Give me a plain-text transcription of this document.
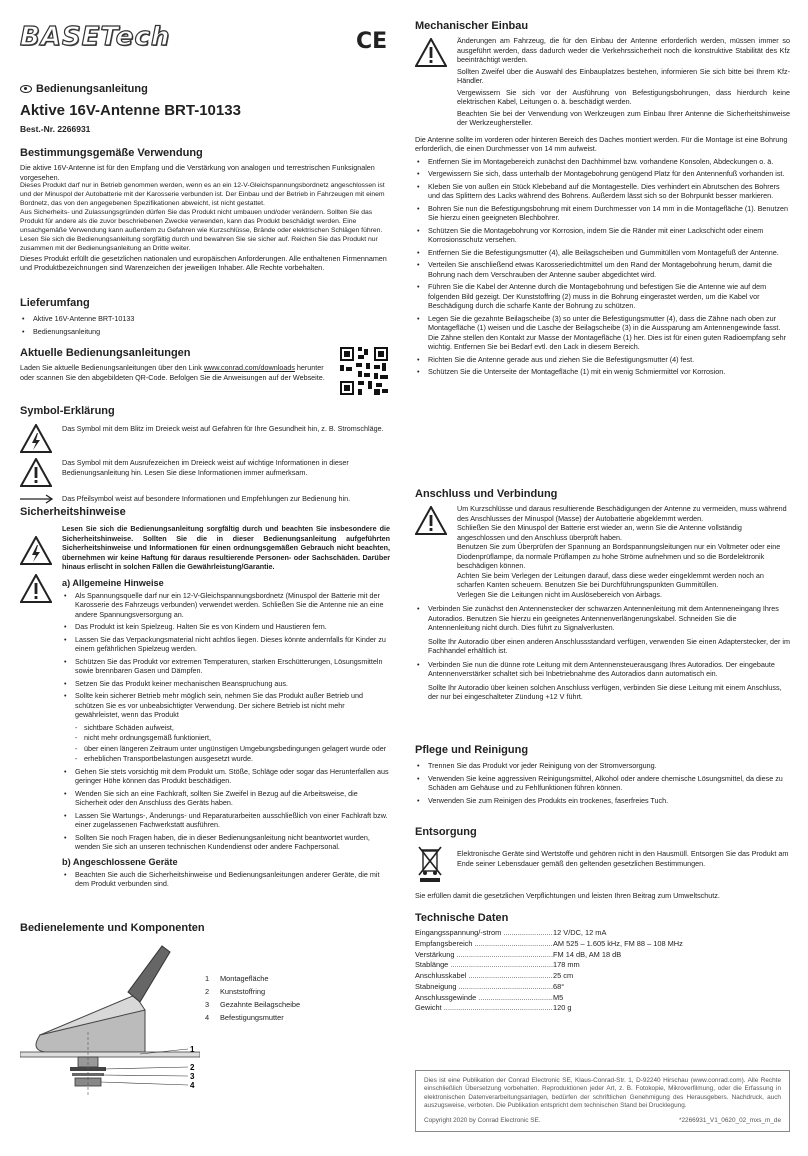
BASETech	CE
Bedienungsanleitung
Aktive 16V-Antenne BRT-10133
Best.-Nr. 2266931
Bestimmungsgemäße Verwendung

Die aktive 16V-Antenne ist für den Empfang und die Verstärkung von analogen und terrestrischen Funksignalen vorgesehen.

Dieses Produkt darf nur in Betrieb genommen werden, wenn es an ein 12-V-Gleichspannungsbordnetz angeschlossen ist und der Minuspol der Autobatterie mit der Karosserie verbunden ist. Der Einbau und der Betrieb in Fahrzeugen mit einem Bordnetz, das von den angegebenen Spezifikationen abweicht, ist nicht gestattet.

Aus Sicherheits- und Zulassungsgründen dürfen Sie das Produkt nicht umbauen und/oder verändern. Sollten Sie das Produkt für andere als die zuvor beschriebenen Zwecke verwenden, kann das Produkt beschädigt werden. Eine unsachgemäße Verwendung kann außerdem zu Gefahren wie Kurzschlüsse, Brände oder elektrischen Schlägen führen. Lesen Sie sich die Bedienungsanleitung sorgfältig durch und bewahren Sie sie sicher auf. Reichen Sie das Produkt nur zusammen mit der Bedienungsanleitung an Dritte weiter.

Dieses Produkt erfüllt die gesetzlichen nationalen und europäischen Anforderungen. Alle enthaltenen Firmennamen und Produktbezeichnungen sind Warenzeichen der jeweiligen Inhaber. Alle Rechte vorbehalten.

Lieferumfang
• Aktive 16V-Antenne BRT-10133
• Bedienungsanleitung
Aktuelle Bedienungsanleitungen
Laden Sie aktuelle Bedienungsanleitungen über den Link www.conrad.com/downloads herunter oder scannen Sie den abgebildeten QR-Code. Befolgen Sie die Anweisungen auf der Webseite.
Symbol-Erklärung

Das Symbol mit dem Blitz im Dreieck weist auf Gefahren für Ihre Gesundheit hin, z. B. Stromschläge.

Das Symbol mit dem Ausrufezeichen im Dreieck weist auf wichtige Informationen in dieser Bedienungsanleitung hin. Lesen Sie diese Informationen immer aufmerksam.

Das Pfeilsymbol weist auf besondere Informationen und Empfehlungen zur Bedienung hin.

Sicherheitshinweise

Lesen Sie sich die Bedienungsanleitung sorgfältig durch und beachten Sie insbesondere die Sicherheitshinweise. Sollten Sie die in dieser Bedienungsanleitung aufgeführten Sicherheitshinweise und Informationen für einen ordnungsgemäßen Gebrauch nicht beachten, übernehmen wir keine Haftung für daraus resultierende Personen- oder Sachschäden. Darüber hinaus erlischt in solchen Fällen die Gewährleistung/Garantie.

a) Allgemeine Hinweise
• Als Spannungsquelle darf nur ein 12-V-Gleichspannungsbordnetz (Minuspol der Batterie mit der Karosserie des Fahrzeugs verbunden) verwendet werden. Schließen Sie die Antenne nie an eine andere Spannungsversorgung an.
• Das Produkt ist kein Spielzeug. Halten Sie es von Kindern und Haustieren fern.
• Lassen Sie das Verpackungsmaterial nicht achtlos liegen. Dieses könnte andernfalls für Kinder zu einem gefährlichen Spielzeug werden.
• Schützen Sie das Produkt vor extremen Temperaturen, starken Erschütterungen, Lösungsmitteln sowie brennbaren Gasen und Dämpfen.
• Setzen Sie das Produkt keiner mechanischen Beanspruchung aus.
• Sollte kein sicherer Betrieb mehr möglich sein, nehmen Sie das Produkt außer Betrieb und schützen Sie es vor unbeabsichtigter Verwendung. Der sichere Betrieb ist nicht mehr gewährleistet, wenn das Produkt
- sichtbare Schäden aufweist,
- nicht mehr ordnungsgemäß funktioniert,
- über einen längeren Zeitraum unter ungünstigen Umgebungsbedingungen gelagert wurde oder
- erheblichen Transportbelastungen ausgesetzt wurde.
• Gehen Sie stets vorsichtig mit dem Produkt um. Stöße, Schläge oder sogar das Herunterfallen aus geringer Höhe können das Produkt beschädigen.
• Wenden Sie sich an eine Fachkraft, sollten Sie Zweifel in Bezug auf die Arbeitsweise, die Sicherheit oder den Anschluss des Geräts haben.
• Lassen Sie Wartungs-, Änderungs- und Reparaturarbeiten ausschließlich von einer Fachkraft bzw. einer zugelassenen Fachwerkstatt ausführen.
• Sollten Sie noch Fragen haben, die in dieser Bedienungsanleitung nicht beantwortet wurden, wenden Sie sich an unseren technischen Kundendienst oder andere Fachpersonal.
b) Angeschlossene Geräte
• Beachten Sie auch die Sicherheitshinweise und Bedienungsanleitungen anderer Geräte, die mit dem Produkt verbunden sind.
Bedienelemente und Komponenten
1
2
3
4
1	Montagefläche
2	Kunststoffring
3	Gezahnte Beilagscheibe
4	Befestigungsmutter
Mechanischer Einbau

Änderungen am Fahrzeug, die für den Einbau der Antenne erforderlich werden, müssen immer so ausgeführt werden, dass dadurch weder die Verkehrssicherheit noch die konstruktive Stabilität des Kfz beeinträchtigt werden.

Sollten Zweifel über die Auswahl des Einbauplatzes bestehen, informieren Sie sich bitte bei Ihrem Kfz-Händler.

Vergewissern Sie sich vor der Ausführung von Befestigungsbohrungen, dass hierdurch keine elektrischen Kabel, Leitungen o. ä. beschädigt werden.

Beachten Sie bei der Verwendung von Werkzeugen zum Einbau Ihrer Antenne die Sicherheitshinweise der Werkzeughersteller.

Die Antenne sollte im vorderen oder hinteren Bereich des Daches montiert werden. Für die Montage ist eine Bohrung erforderlich, die einen Durchmesser von 14 mm aufweist.

• Entfernen Sie im Montagebereich zunächst den Dachhimmel bzw. vorhandene Konsolen, Abdeckungen o. ä.
• Vergewissern Sie sich, dass unterhalb der Montagebohrung genügend Platz für den Antennenfuß vorhanden ist.
• Kleben Sie von außen ein Stück Klebeband auf die Montagestelle. Dies verhindert ein Abrutschen des Bohrers und das Splittern des Lacks während des Bohrens. Außerdem lässt sich so der Bohrpunkt besser markieren.
• Bohren Sie nun die Befestigungsbohrung mit einem Durchmesser von 14 mm in die Montagefläche (1). Benutzen Sie hierzu einen geeigneten Blechbohrer.
• Schützen Sie die Montagebohrung vor Korrosion, indem Sie die Ränder mit einer Lackschicht oder einem Korrosionsschutz versehen.
• Entfernen Sie die Befestigungsmutter (4), alle Beilagscheiben und Gummitüllen vom Montagefuß der Antenne.
• Verteilen Sie anschließend etwas Karosseriedichtmittel um den Rand der Montagebohrung herum, damit die Bohrung nach dem Verschrauben der Antenne sauber abgedichtet wird.
• Führen Sie die Kabel der Antenne durch die Montagebohrung und befestigen Sie die Antenne wie auf dem folgenden Bild gezeigt. Der Kunststoffring (2) muss in die Bohrung eingerastet werden, um die Kabel vor Beschädigung durch die scharfe Kante der Bohrung zu schützen.
• Legen Sie die gezahnte Beilagscheibe (3) so unter die Befestigungsmutter (4), dass die Zähne nach oben zur Montagefläche (1) weisen und die Lasche der Beilagscheibe (3) in die Aussparung am Antennengewinde fasst. Die Zähne stellen den Kontakt zur Masse der Montagefläche (1) her. Dies ist für einen guten Radioempfang sehr wichtig. Entfernen Sie bei Bedarf evtl. den Lack in diesem Bereich.
• Richten Sie die Antenne gerade aus und ziehen Sie die Befestigungsmutter (4) fest.
• Schützen Sie die Unterseite der Montagefläche (1) mit ein wenig Schmiermittel vor Korrosion.
Anschluss und Verbindung

Um Kurzschlüsse und daraus resultierende Beschädigungen der Antenne zu vermeiden, muss während des Anschlusses der Minuspol (Masse) der Autobatterie abgeklemmt werden.

Schließen Sie den Minuspol der Batterie erst wieder an, wenn Sie die Antenne vollständig angeschlossen und den Anschluss überprüft haben.

Benutzen Sie zum Überprüfen der Spannung an Bordspannungsleitungen nur ein Voltmeter oder eine Diodenprüflampe, da normale Prüflampen zu hohe Ströme aufnehmen und so die Bordelektronik beschädigen können.

Achten Sie beim Verlegen der Leitungen darauf, dass diese weder eingeklemmt werden noch an scharfen Kanten scheuern. Benutzen Sie bei Durchführungspunkten Gummitüllen.

Verlegen Sie die Leitungen nicht im Auslösebereich von Airbags.

• Verbinden Sie zunächst den Antennenstecker der schwarzen Antennenleitung mit dem Antenneneingang Ihres Autoradios. Benutzen Sie hierzu ein geeignetes Antennenverlängerungskabel. Schneiden Sie die Antennenleitung nicht durch. Dies führt zu Signalverlusten.
Sollte Ihr Autoradio über einen anderen Anschlussstandard verfügen, verwenden Sie einen Adapterstecker, der im Fachhandel erhältlich ist.
• Verbinden Sie nun die dünne rote Leitung mit dem Antennensteuerausgang Ihres Autoradios. Der eingebaute Antennenverstärker schaltet sich bei Inbetriebnahme des Autoradios dann automatisch ein.
Sollte Ihr Autoradio über keinen solchen Anschluss verfügen, verbinden Sie diese Leitung mit einem Anschluss, der nur bei eingeschalteter Zündung +12 V führt.
Pflege und Reinigung
• Trennen Sie das Produkt vor jeder Reinigung von der Stromversorgung.
• Verwenden Sie keine aggressiven Reinigungsmittel, Alkohol oder andere chemische Lösungsmittel, da diese zu Schäden am Gehäuse und zu Fehlfunktionen führen können.
• Verwenden Sie zum Reinigen des Produkts ein trockenes, faserfreies Tuch.
Entsorgung

Elektronische Geräte sind Wertstoffe und gehören nicht in den Hausmüll. Entsorgen Sie das Produkt am Ende seiner Lebensdauer gemäß den geltenden gesetzlichen Bestimmungen.

Sie erfüllen damit die gesetzlichen Verpflichtungen und leisten Ihren Beitrag zum Umweltschutz.

Technische Daten
Eingangsspannung/-strom .....	12 V/DC, 12 mA
Empfangsbereich .....	AM 525 – 1.605 kHz, FM 88 – 108 MHz
Verstärkung .....	FM 14 dB, AM 18 dB
Stablänge .....	178 mm
Anschlusskabel .....	25 cm
Stabneigung .....	68°
Anschlussgewinde .....	M5
Gewicht .....	120 g

Dies ist eine Publikation der Conrad Electronic SE, Klaus-Conrad-Str. 1, D-92240 Hirschau (www.conrad.com). Alle Rechte einschließlich Übersetzung vorbehalten. Reproduktionen jeder Art, z. B. Fotokopie, Mikroverfilmung, oder die Erfassung in elektronischen Datenverarbeitungsanlagen, bedürfen der schriftlichen Genehmigung des Herausgebers. Nachdruck, auch auszugsweise, verboten. Die Publikation entspricht dem technischen Stand bei Drucklegung.

Copyright 2020 by Conrad Electronic SE.	*2266931_V1_0620_02_mxs_m_de
